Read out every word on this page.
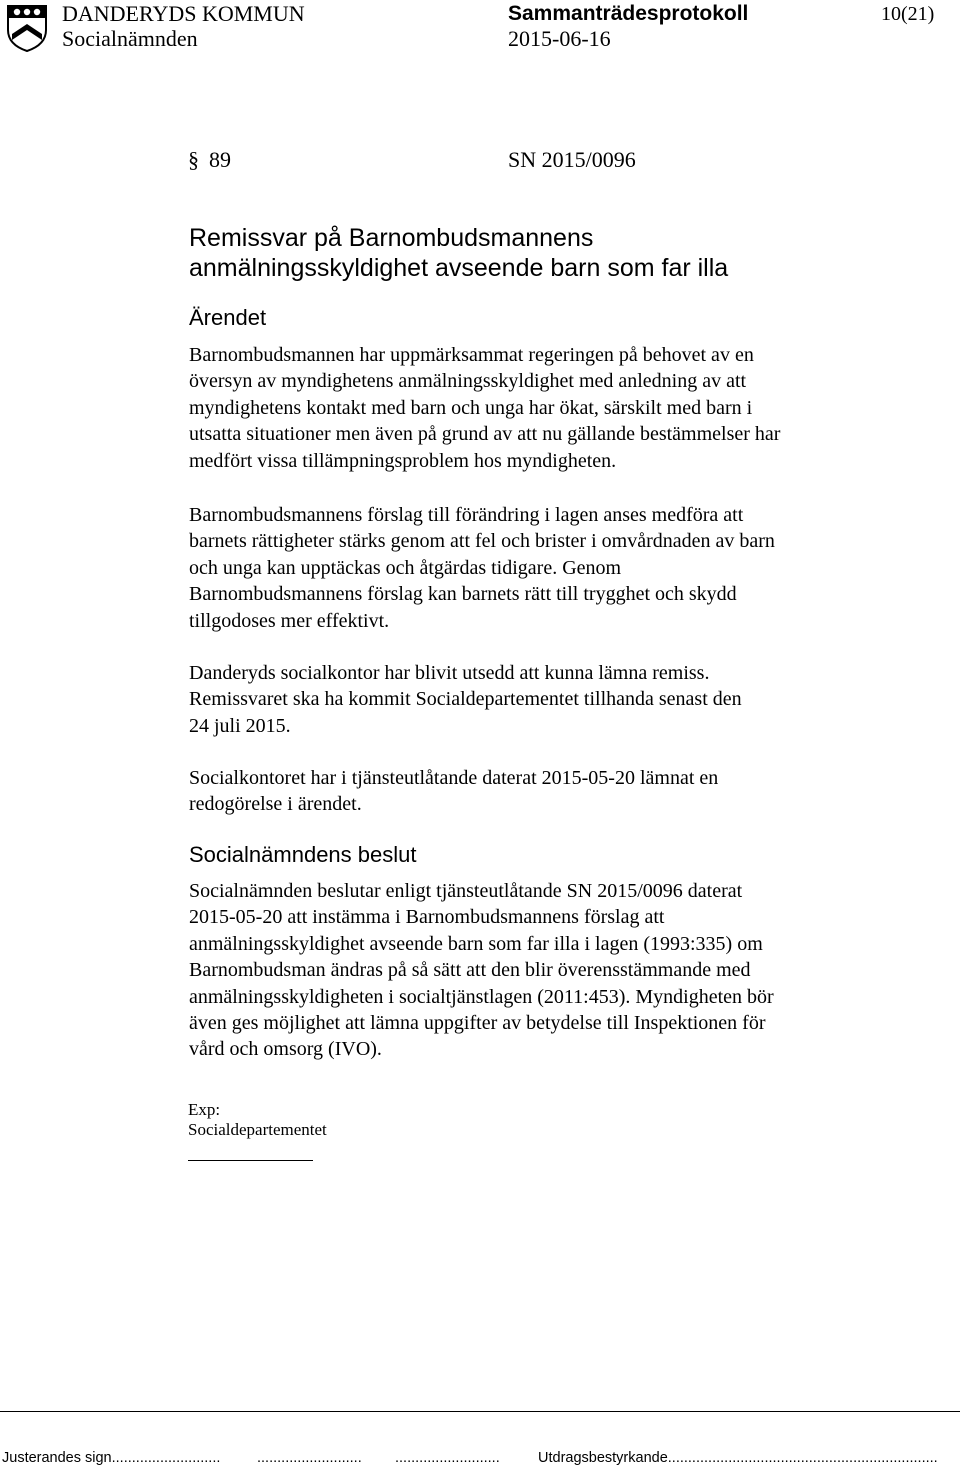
DANDERYDS KOMMUN
Socialnämnden
Sammanträdesprotokoll
2015-06-16
10(21)
§ 89	SN 2015/0096
Remissvar på Barnombudsmannens
anmälningsskyldighet avseende barn som far illa
Ärendet
Barnombudsmannen har uppmärksammat regeringen på behovet av en
översyn av myndighetens anmälningsskyldighet med anledning av att
myndighetens kontakt med barn och unga har ökat, särskilt med barn i
utsatta situationer men även på grund av att nu gällande bestämmelser har
medfört vissa tillämpningsproblem hos myndigheten.
Barnombudsmannens förslag till förändring i lagen anses medföra att
barnets rättigheter stärks genom att fel och brister i omvårdnaden av barn
och unga kan upptäckas och åtgärdas tidigare. Genom
Barnombudsmannens förslag kan barnets rätt till trygghet och skydd
tillgodoses mer effektivt.
Danderyds socialkontor har blivit utsedd att kunna lämna remiss.
Remissvaret ska ha kommit Socialdepartementet tillhanda senast den
24 juli 2015.
Socialkontoret har i tjänsteutlåtande daterat 2015-05-20 lämnat en
redogörelse i ärendet.
Socialnämndens beslut
Socialnämnden beslutar enligt tjänsteutlåtande SN 2015/0096 daterat
2015-05-20 att instämma i Barnombudsmannens förslag att
anmälningsskyldighet avseende barn som far illa i lagen (1993:335) om
Barnombudsman ändras på så sätt att den blir överensstämmande med
anmälningsskyldigheten i socialtjänstlagen (2011:453). Myndigheten bör
även ges möjlighet att lämna uppgifter av betydelse till Inspektionen för
vård och omsorg (IVO).
Exp:
Socialdepartementet
Justerandes sign...........................	.......................... ..........................	Utdragsbestyrkande...................................................................
